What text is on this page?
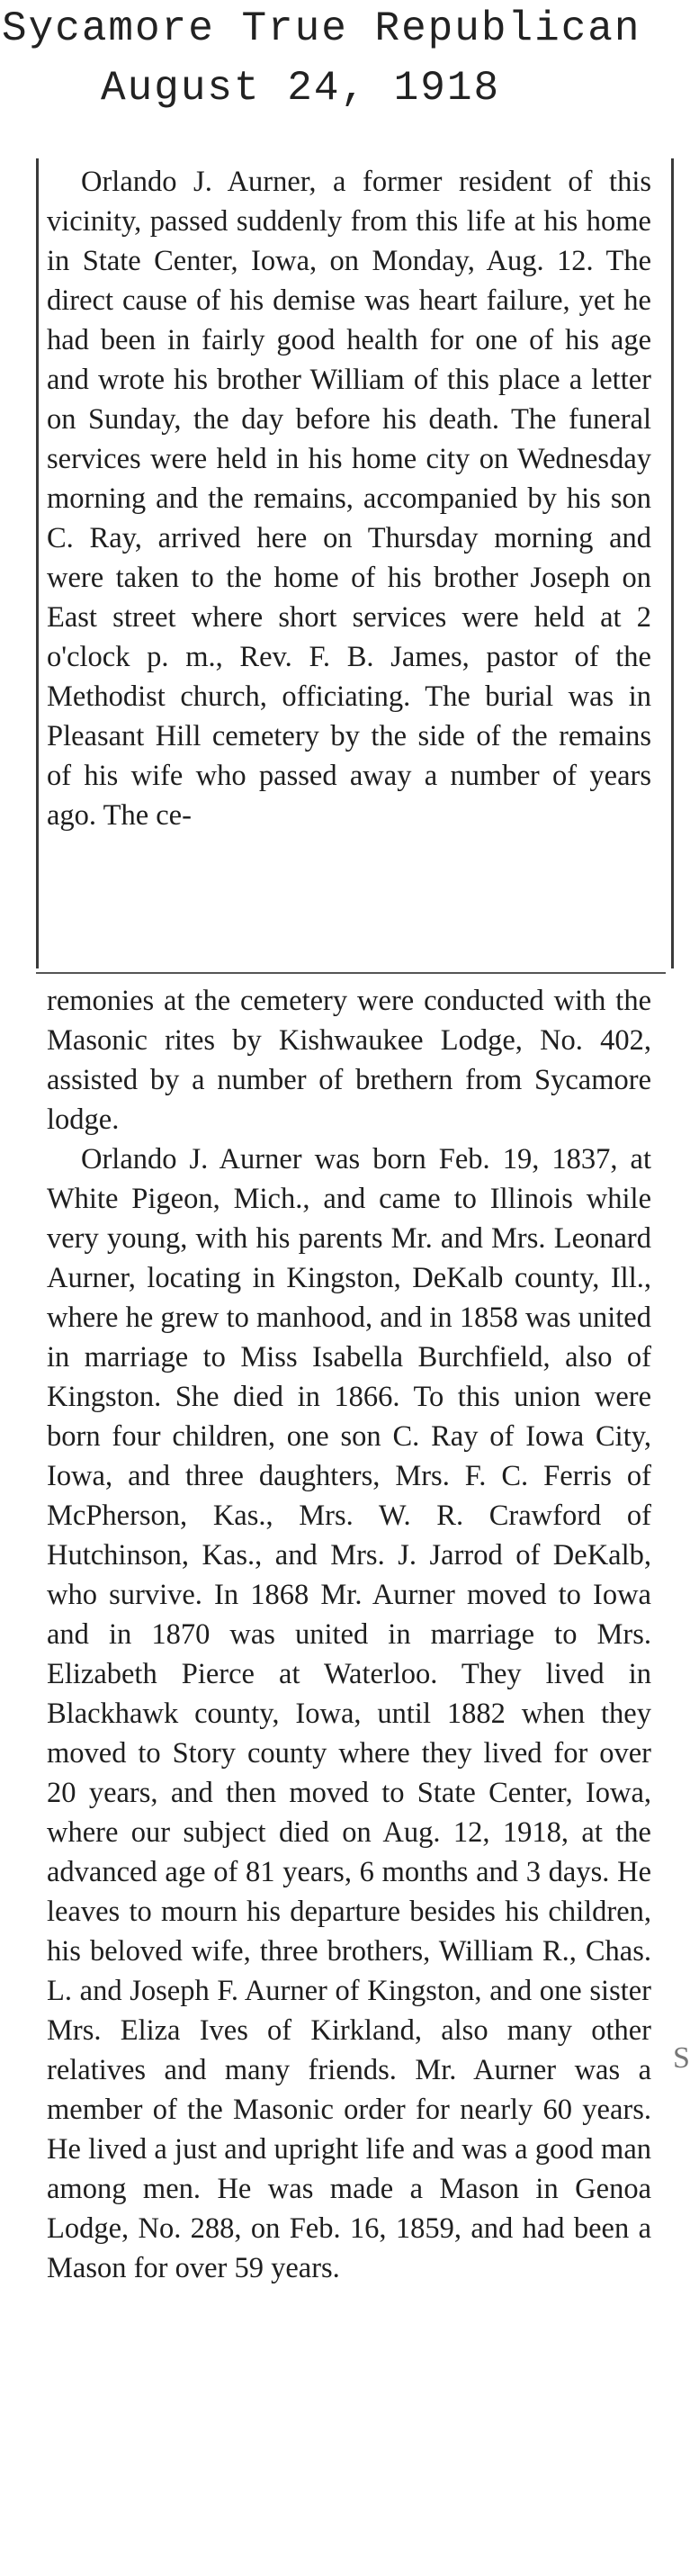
Sycamore True Republican
August 24, 1918

Orlando J. Aurner, a former resident of this vicinity, passed suddenly from this life at his home in State Center, Iowa, on Monday, Aug. 12. The direct cause of his demise was heart failure, yet he had been in fairly good health for one of his age and wrote his brother William of this place a letter on Sunday, the day before his death. The funeral services were held in his home city on Wednesday morning and the remains, accompanied by his son C. Ray, arrived here on Thursday morning and were taken to the home of his brother Joseph on East street where short services were held at 2 o'clock p. m., Rev. F. B. James, pastor of the Methodist church, officiating. The burial was in Pleasant Hill cemetery by the side of the remains of his wife who passed away a number of years ago. The ce-

remonies at the cemetery were conducted with the Masonic rites by Kishwaukee Lodge, No. 402, assisted by a number of brethern from Sycamore lodge.

Orlando J. Aurner was born Feb. 19, 1837, at White Pigeon, Mich., and came to Illinois while very young, with his parents Mr. and Mrs. Leonard Aurner, locating in Kingston, DeKalb county, Ill., where he grew to manhood, and in 1858 was united in marriage to Miss Isabella Burchfield, also of Kingston. She died in 1866. To this union were born four children, one son C. Ray of Iowa City, Iowa, and three daughters, Mrs. F. C. Ferris of McPherson, Kas., Mrs. W. R. Crawford of Hutchinson, Kas., and Mrs. J. Jarrod of DeKalb, who survive. In 1868 Mr. Aurner moved to Iowa and in 1870 was united in marriage to Mrs. Elizabeth Pierce at Waterloo. They lived in Blackhawk county, Iowa, until 1882 when they moved to Story county where they lived for over 20 years, and then moved to State Center, Iowa, where our subject died on Aug. 12, 1918, at the advanced age of 81 years, 6 months and 3 days. He leaves to mourn his departure besides his children, his beloved wife, three brothers, William R., Chas. L. and Joseph F. Aurner of Kingston, and one sister Mrs. Eliza Ives of Kirkland, also many other relatives and many friends. Mr. Aurner was a member of the Masonic order for nearly 60 years. He lived a just and upright life and was a good man among men. He was made a Mason in Genoa Lodge, No. 288, on Feb. 16, 1859, and had been a Mason for over 59 years.

S
